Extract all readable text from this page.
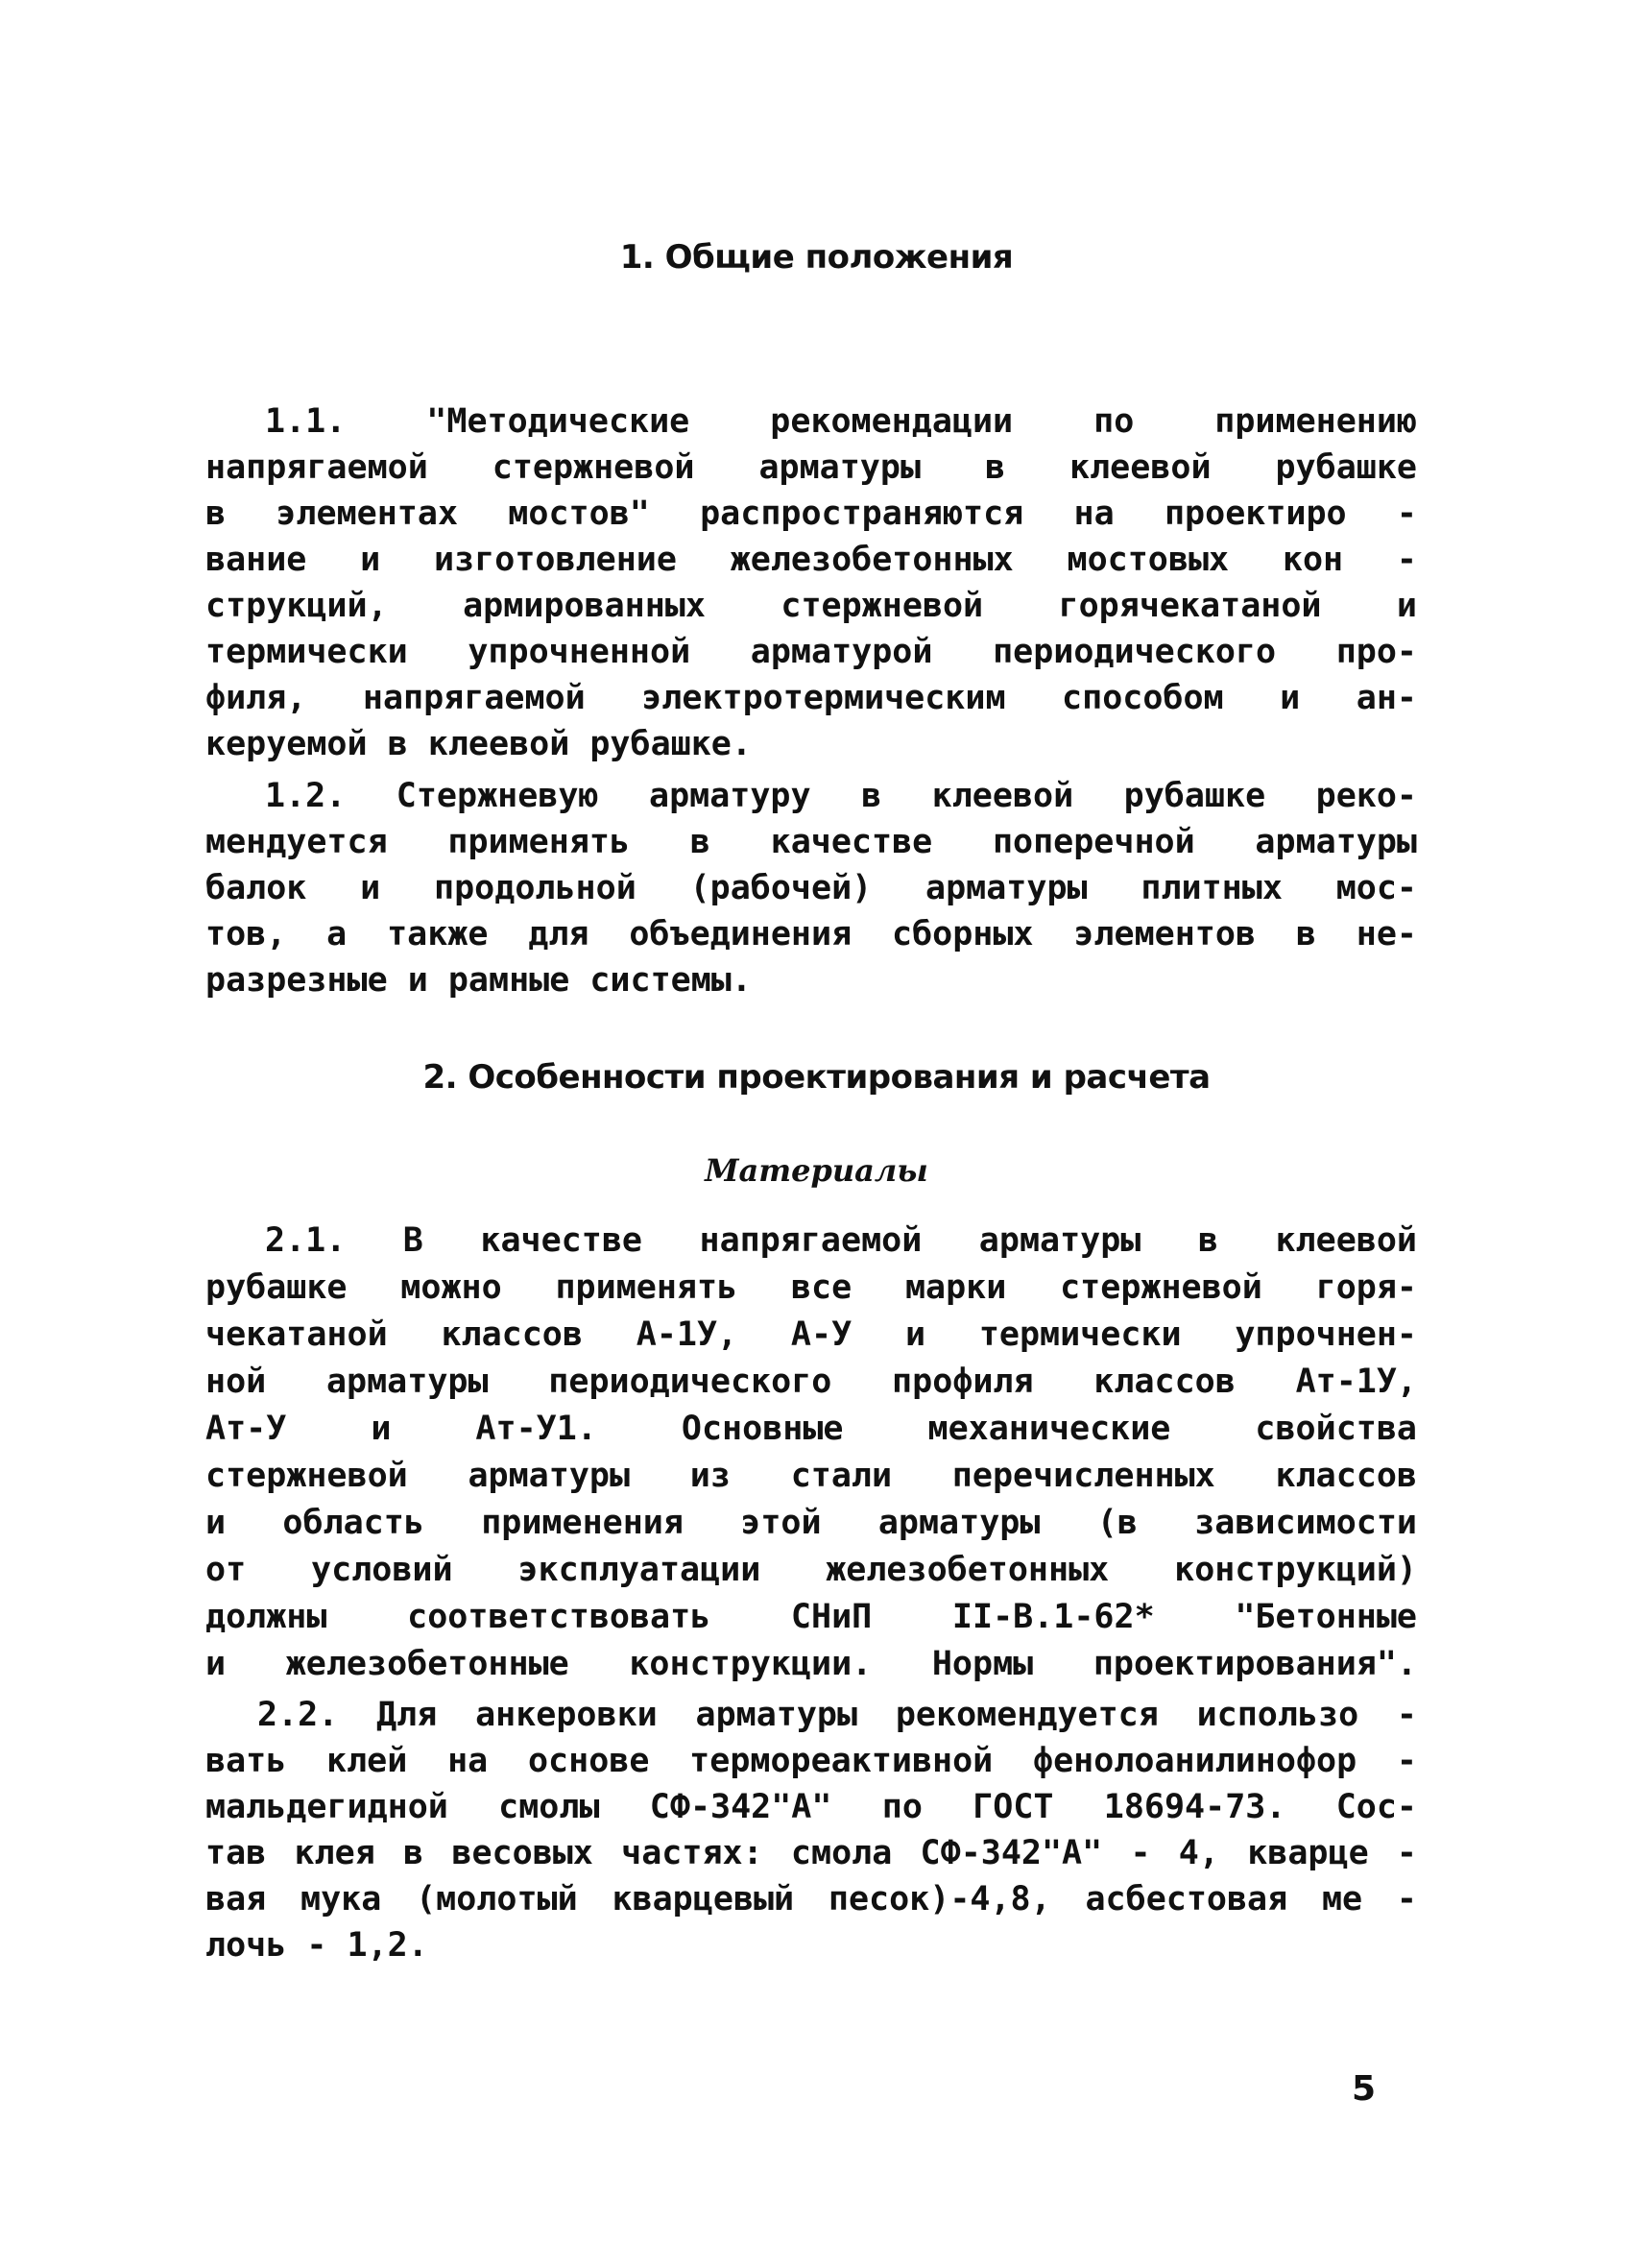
1. Общие положения
1.1. "Методические рекомендации по применению
напрягаемой стержневой арматуры в клеевой рубашке
в элементах мостов" распространяются на проектиро -
вание и изготовление железобетонных мостовых кон -
струкций, армированных стержневой горячекатаной и
термически упрочненной арматурой периодического про-
филя, напрягаемой электротермическим способом и ан-
керуемой в клеевой рубашке.
1.2. Стержневую арматуру в клеевой рубашке реко-
мендуется применять в качестве поперечной арматуры
балок и продольной (рабочей) арматуры плитных мос-
тов, а также для объединения сборных элементов в не-
разрезные и рамные системы.
2. Особенности проектирования и расчета
Материалы
2.1. В качестве напрягаемой арматуры в клеевой
рубашке можно применять все марки стержневой горя-
чекатаной классов А-1У, А-У и термически упрочнен-
ной арматуры периодического профиля классов Ат-1У,
Ат-У и Ат-У1. Основные механические свойства
стержневой арматуры из стали перечисленных классов
и область применения этой арматуры (в зависимости
от условий эксплуатации железобетонных конструкций)
должны соответствовать СНиП II-В.1-62* "Бетонные
и железобетонные конструкции. Нормы проектирования".
2.2. Для анкеровки арматуры рекомендуется использо -
вать клей на основе термореактивной фенолоанилинофор -
мальдегидной смолы СФ-342"А" по ГОСТ 18694-73. Сос-
тав клея в весовых частях: смола СФ-342"А" - 4, кварце -
вая мука (молотый кварцевый песок)-4,8, асбестовая ме -
лочь - 1,2.
5
